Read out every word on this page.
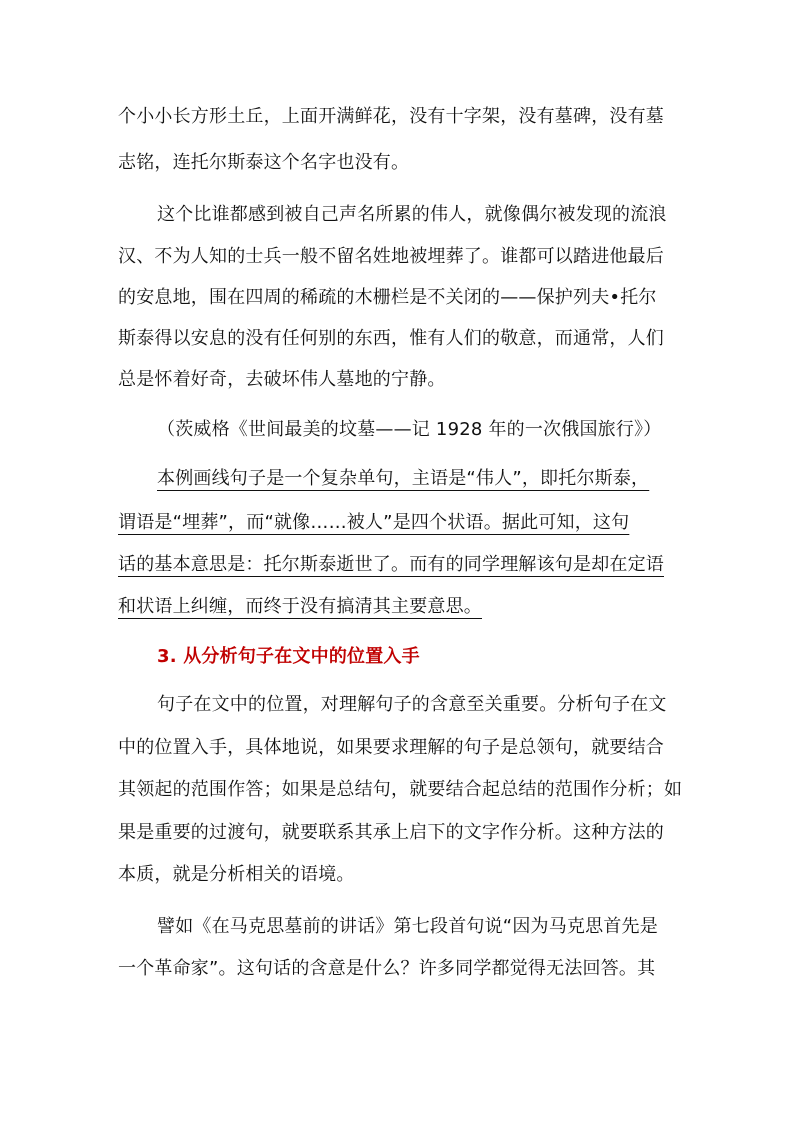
个小小长方形土丘，上面开满鲜花，没有十字架，没有墓碑，没有墓
志铭，连托尔斯泰这个名字也没有。
这个比谁都感到被自己声名所累的伟人，就像偶尔被发现的流浪
汉、不为人知的士兵一般不留名姓地被埋葬了。谁都可以踏进他最后
的安息地，围在四周的稀疏的木栅栏是不关闭的——保护列夫•托尔
斯泰得以安息的没有任何别的东西，惟有人们的敬意，而通常，人们
总是怀着好奇，去破坏伟人墓地的宁静。
（茨威格《世间最美的坟墓——记 1928 年的一次俄国旅行》）
本例画线句子是一个复杂单句，主语是“伟人”，即托尔斯泰，
谓语是“埋葬”，而“就像……被人”是四个状语。据此可知，这句
话的基本意思是：托尔斯泰逝世了。而有的同学理解该句是却在定语
和状语上纠缠，而终于没有搞清其主要意思。
3. 从分析句子在文中的位置入手
句子在文中的位置，对理解句子的含意至关重要。分析句子在文
中的位置入手，具体地说，如果要求理解的句子是总领句，就要结合
其领起的范围作答；如果是总结句，就要结合起总结的范围作分析；如
果是重要的过渡句，就要联系其承上启下的文字作分析。这种方法的
本质，就是分析相关的语境。
譬如《在马克思墓前的讲话》第七段首句说“因为马克思首先是
一个革命家”。这句话的含意是什么？许多同学都觉得无法回答。其
